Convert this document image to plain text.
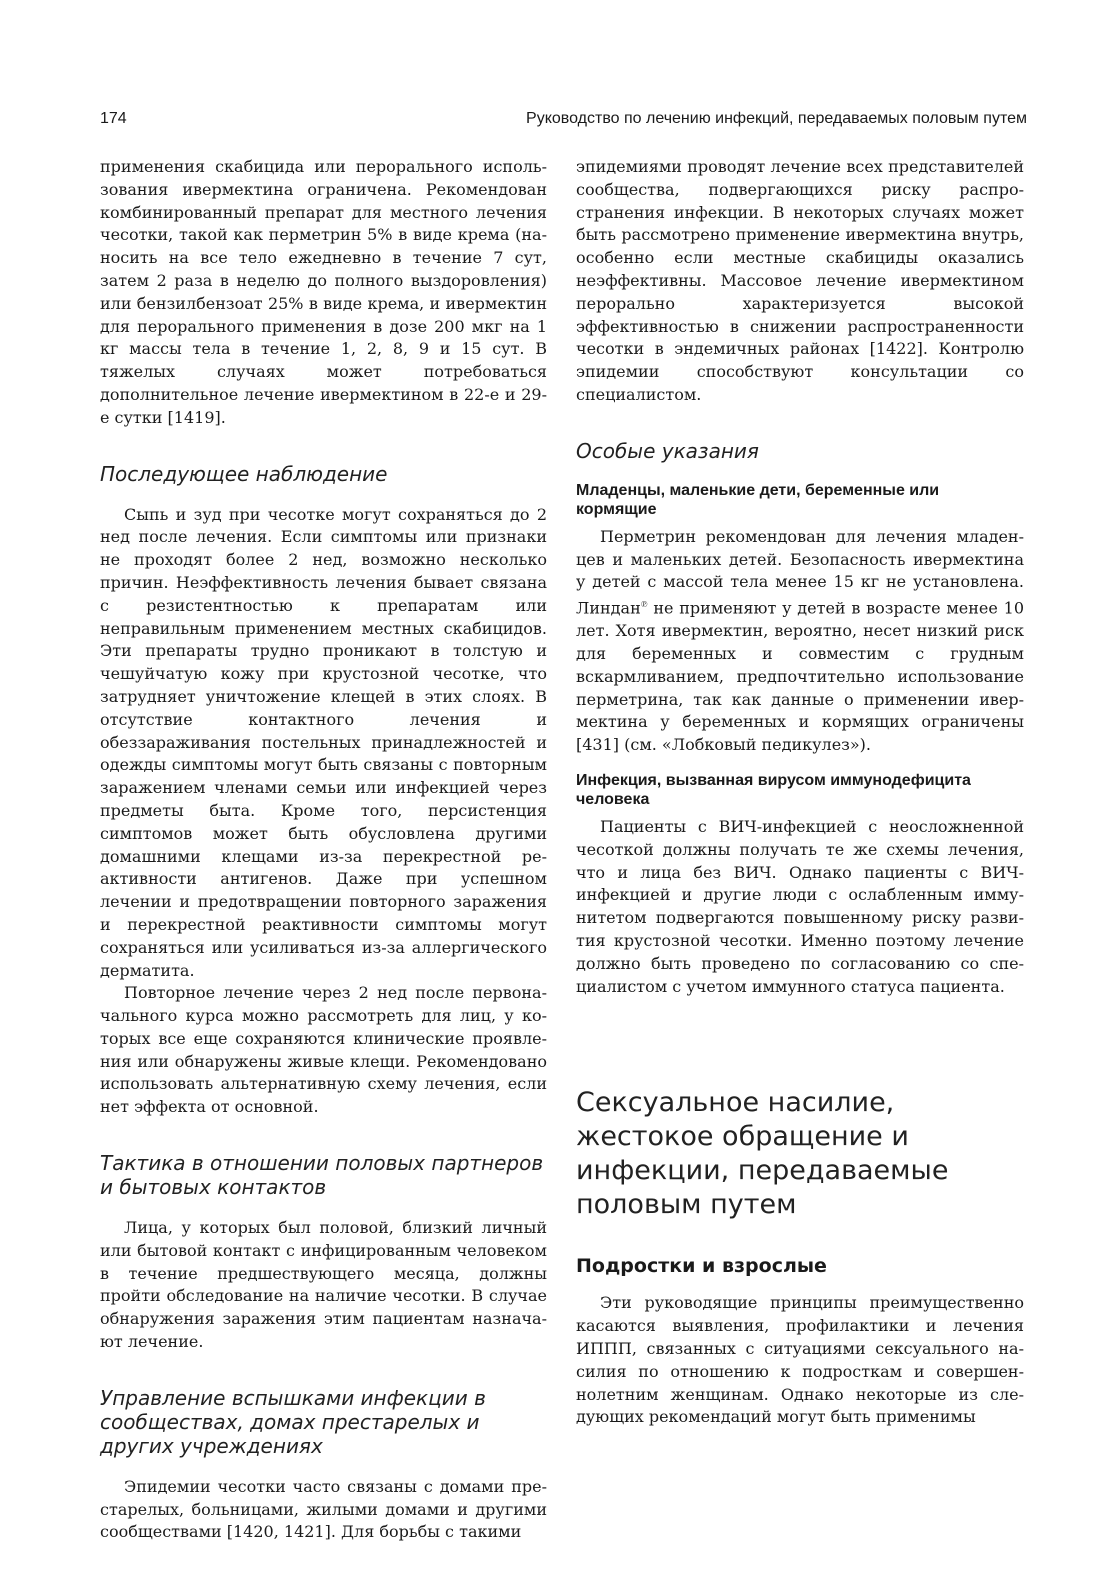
174	Руководство по лечению инфекций, передаваемых половым путем

применения скабицида или перорального использования ивермектина ограничена. Рекомендован комбинированный препарат для местного лечения чесотки, такой как перметрин 5% в виде крема (наносить на все тело ежедневно в течение 7 сут, затем 2 раза в неделю до полного выздоровления) или бензилбензоат 25% в виде крема, и ивермектин для перорального применения в дозе 200 мкг на 1 кг массы тела в течение 1, 2, 8, 9 и 15 сут. В тяжелых случаях может потребоваться дополнительное лечение ивермектином в 22-е и 29-е сутки [1419].

Последующее наблюдение

Сыпь и зуд при чесотке могут сохраняться до 2 нед после лечения. Если симптомы или признаки не проходят более 2 нед, возможно несколько причин. Неэффективность лечения бывает связана с резистентностью к препаратам или неправильным применением местных скабицидов. Эти препараты трудно проникают в толстую и чешуйчатую кожу при крустозной чесотке, что затрудняет уничтожение клещей в этих слоях. В отсутствие контактного лечения и обеззараживания постельных принадлежностей и одежды симптомы могут быть связаны с повторным заражением членами семьи или инфекцией через предметы быта. Кроме того, персистенция симптомов может быть обусловлена другими домашними клещами из-за перекрестной реактивности антигенов. Даже при успешном лечении и предотвращении повторного заражения и перекрестной реактивности симптомы могут сохраняться или усиливаться из-за аллергического дерматита.

Повторное лечение через 2 нед после первоначального курса можно рассмотреть для лиц, у которых все еще сохраняются клинические проявления или обнаружены живые клещи. Рекомендовано использовать альтернативную схему лечения, если нет эффекта от основной.

Тактика в отношении половых партнеров и бытовых контактов

Лица, у которых был половой, близкий личный или бытовой контакт с инфицированным человеком в течение предшествующего месяца, должны пройти обследование на наличие чесотки. В случае обнаружения заражения этим пациентам назначают лечение.

Управление вспышками инфекции в сообществах, домах престарелых и других учреждениях

Эпидемии чесотки часто связаны с домами престарелых, больницами, жилыми домами и другими сообществами [1420, 1421]. Для борьбы с такими

эпидемиями проводят лечение всех представителей сообщества, подвергающихся риску распространения инфекции. В некоторых случаях может быть рассмотрено применение ивермектина внутрь, особенно если местные скабициды оказались неэффективны. Массовое лечение ивермектином перорально характеризуется высокой эффективностью в снижении распространенности чесотки в эндемичных районах [1422]. Контролю эпидемии способствуют консультации со специалистом.

Особые указания
Младенцы, маленькие дети, беременные или кормящие

Перметрин рекомендован для лечения младенцев и маленьких детей. Безопасность ивермектина у детей с массой тела менее 15 кг не установлена. Линдан℗ не применяют у детей в возрасте менее 10 лет. Хотя ивермектин, вероятно, несет низкий риск для беременных и совместим с грудным вскармливанием, предпочтительно использование перметрина, так как данные о применении ивермектина у беременных и кормящих ограничены [431] (см. «Лобковый педикулез»).

Инфекция, вызванная вирусом иммунодефицита человека

Пациенты с ВИЧ-инфекцией с неосложненной чесоткой должны получать те же схемы лечения, что и лица без ВИЧ. Однако пациенты с ВИЧ-инфекцией и другие люди с ослабленным иммунитетом подвергаются повышенному риску развития крустозной чесотки. Именно поэтому лечение должно быть проведено по согласованию со специалистом с учетом иммунного статуса пациента.

Сексуальное насилие, жестокое обращение и инфекции, передаваемые половым путем
Подростки и взрослые

Эти руководящие принципы преимущественно касаются выявления, профилактики и лечения ИППП, связанных с ситуациями сексуального насилия по отношению к подросткам и совершеннолетним женщинам. Однако некоторые из следующих рекомендаций могут быть применимы
